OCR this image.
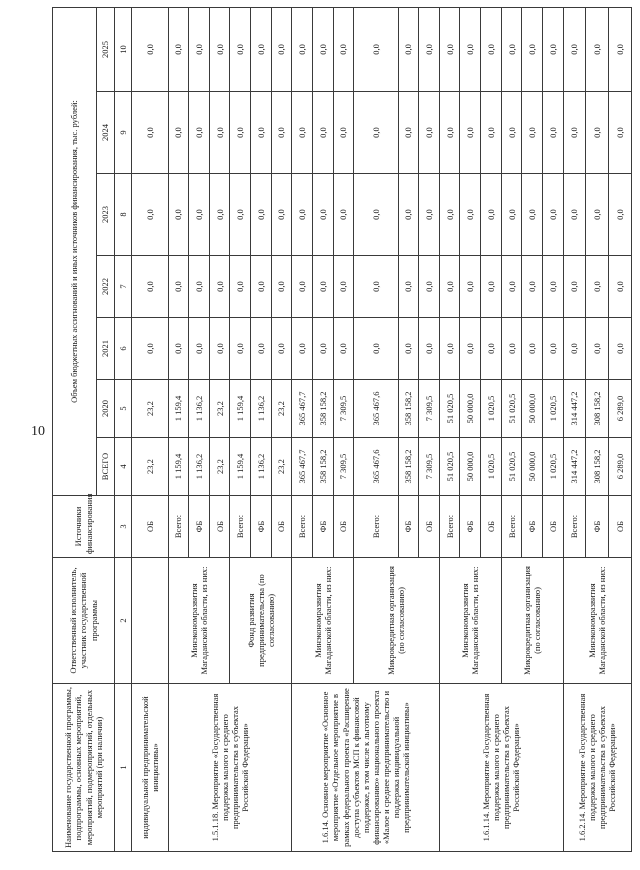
10
Наименование государственной программы, подпрограммы, основных мероприятий, мероприятий, подмероприятий, отдельных мероприятий (при наличии)	Ответственный исполнитель, участник государственной программы	Источники финансирования	Объем бюджетных ассигнований и иных источников финансирования, тыс. рублей:						
			ВСЕГО	2020	2021	2022	2023	2024	2025
1	2	3	4	5	6	7	8	9	10
индивидуальной предпринимательской инициативы»		ОБ	23,2	23,2	0,0	0,0	0,0	0,0	0,0
1.5.1.18. Мероприятие «Государственная поддержка малого и среднего предпринимательства в субъектах Российской Федерации»	Минэкономразвития Магаданской области, из них:	Всего:	1 159,4	1 159,4	0,0	0,0	0,0	0,0	0,0
		ФБ	1 136,2	1 136,2	0,0	0,0	0,0	0,0	0,0
		ОБ	23,2	23,2	0,0	0,0	0,0	0,0	0,0
	Фонд развития предпринимательства (по согласованию)	Всего:	1 159,4	1 159,4	0,0	0,0	0,0	0,0	0,0
		ФБ	1 136,2	1 136,2	0,0	0,0	0,0	0,0	0,0
		ОБ	23,2	23,2	0,0	0,0	0,0	0,0	0,0
1.6.14. Основное мероприятие «Основное мероприятие «Отдельное мероприятие в рамках федерального проекта «Расширение доступа субъектов МСП к финансовой поддержке, в том числе к льготному финансированию» национального проекта «Малое и среднее предпринимательство и поддержка индивидуальной предпринимательской инициативы»	Минэкономразвития Магаданской области, из них:	Всего:	365 467,7	365 467,7	0,0	0,0	0,0	0,0	0,0
		ФБ	358 158,2	358 158,2	0,0	0,0	0,0	0,0	0,0
		ОБ	7 309,5	7 309,5	0,0	0,0	0,0	0,0	0,0
	Микрокредитная организация (по согласованию)	Всего:	365 467,6	365 467,6	0,0	0,0	0,0	0,0	0,0
		ФБ	358 158,2	358 158,2	0,0	0,0	0,0	0,0	0,0
		ОБ	7 309,5	7 309,5	0,0	0,0	0,0	0,0	0,0
1.6.1.14. Мероприятие «Государственная поддержка малого и среднего предпринимательства в субъектах Российской Федерации»	Минэкономразвития Магаданской области, из них:	Всего:	51 020,5	51 020,5	0,0	0,0	0,0	0,0	0,0
		ФБ	50 000,0	50 000,0	0,0	0,0	0,0	0,0	0,0
		ОБ	1 020,5	1 020,5	0,0	0,0	0,0	0,0	0,0
	Микрокредитная организация (по согласованию)	Всего:	51 020,5	51 020,5	0,0	0,0	0,0	0,0	0,0
		ФБ	50 000,0	50 000,0	0,0	0,0	0,0	0,0	0,0
		ОБ	1 020,5	1 020,5	0,0	0,0	0,0	0,0	0,0
1.6.2.14. Мероприятие «Государственная поддержка малого и среднего предпринимательства в субъектах Российской Федерации»	Минэкономразвития Магаданской области, из них:	Всего:	314 447,2	314 447,2	0,0	0,0	0,0	0,0	0,0
		ФБ	308 158,2	308 158,2	0,0	0,0	0,0	0,0	0,0
		ОБ	6 289,0	6 289,0	0,0	0,0	0,0	0,0	0,0
